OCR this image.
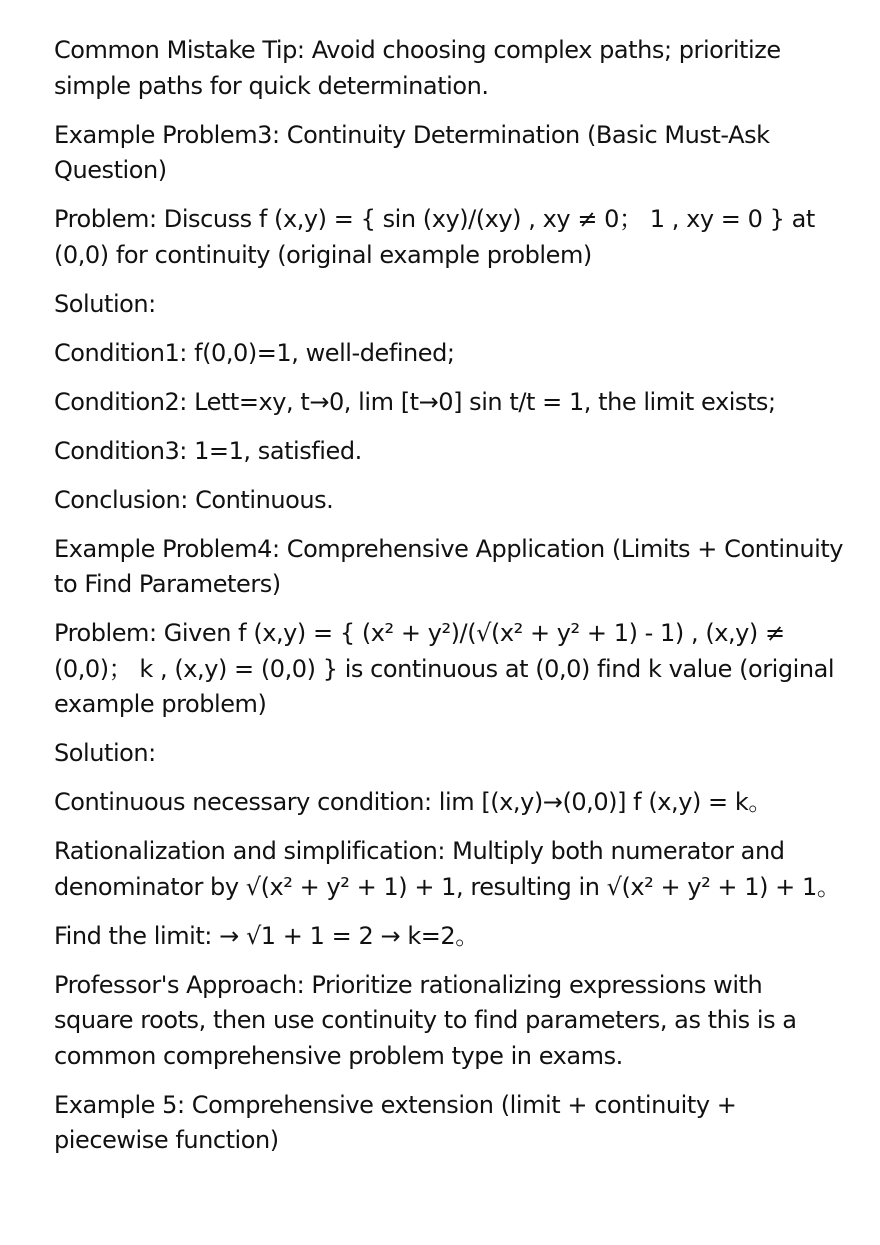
Common Mistake Tip: Avoid choosing complex paths; prioritize simple paths for quick determination.

Example Problem3: Continuity Determination (Basic Must-Ask Question)

Problem: Discuss f (x,y) = { sin (xy)/(xy) , xy ≠ 0； 1 , xy = 0 } at (0,0) for continuity (original example problem)

Solution:

Condition1: f(0,0)=1, well-defined;

Condition2: Lett=xy, t→0, lim [t→0] sin t/t = 1, the limit exists;

Condition3: 1=1, satisfied.

Conclusion: Continuous.

Example Problem4: Comprehensive Application (Limits + Continuity to Find Parameters)

Problem: Given f (x,y) = { (x² + y²)/(√(x² + y² + 1) - 1) , (x,y) ≠ (0,0)； k , (x,y) = (0,0) } is continuous at (0,0) find k value (original example problem)

Solution:

Continuous necessary condition: lim [(x,y)→(0,0)] f (x,y) = k。

Rationalization and simplification: Multiply both numerator and denominator by √(x² + y² + 1) + 1, resulting in √(x² + y² + 1) + 1。

Find the limit: → √1 + 1 = 2 → k=2。

Professor's Approach: Prioritize rationalizing expressions with square roots, then use continuity to find parameters, as this is a common comprehensive problem type in exams.

Example 5: Comprehensive extension (limit + continuity + piecewise function)
